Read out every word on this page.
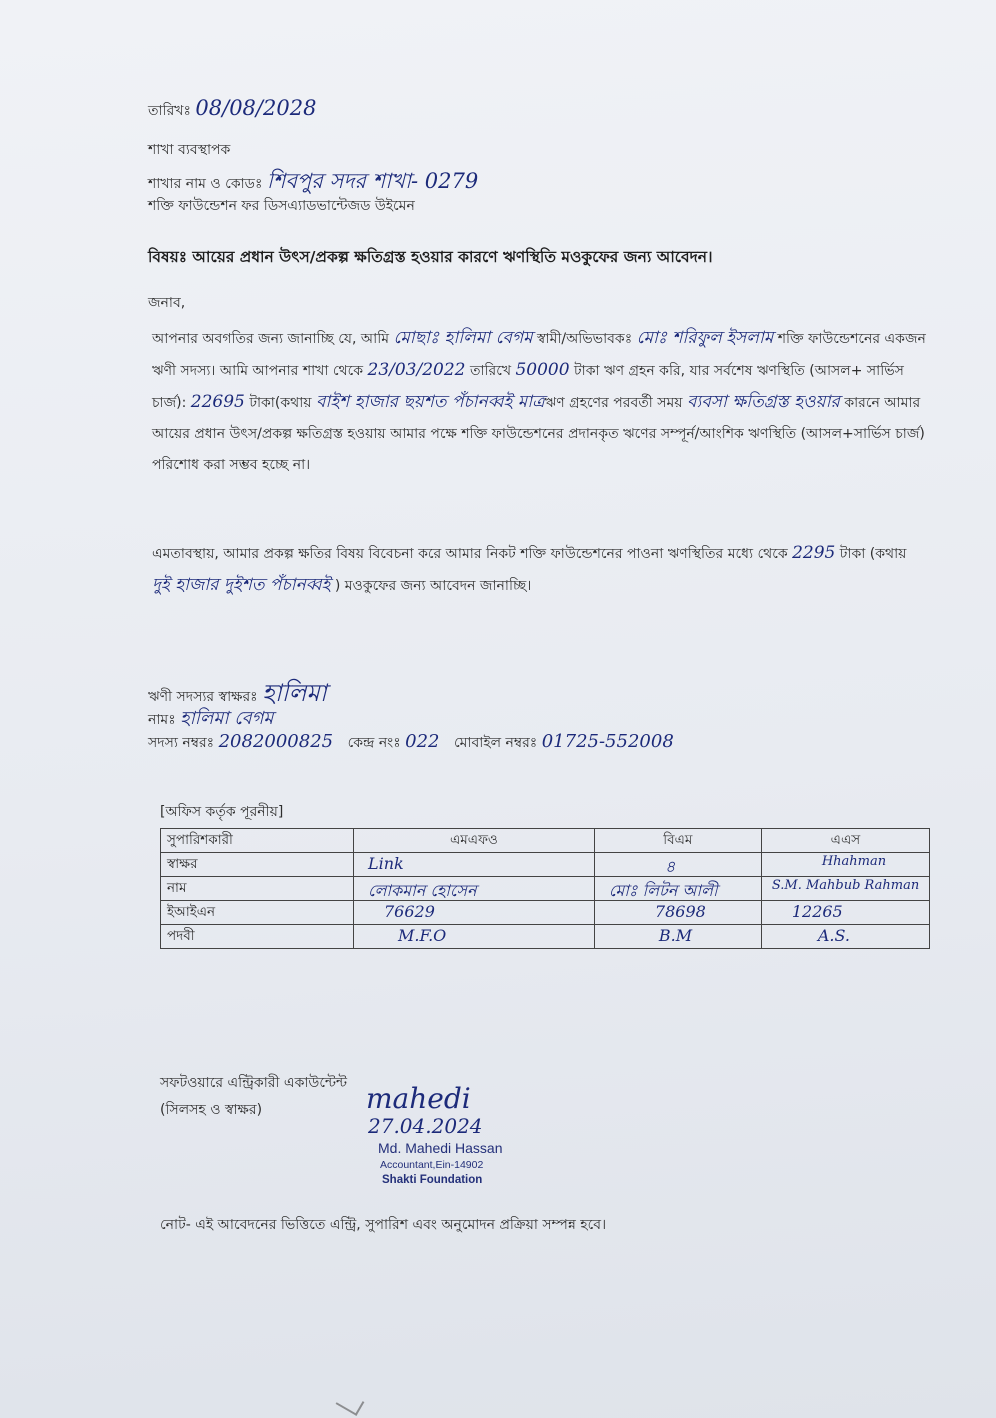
তারিখঃ 08/08/2028
শাখা ব্যবস্থাপক
শাখার নাম ও কোডঃ শিবপুর সদর শাখা- 0279
শক্তি ফাউন্ডেশন ফর ডিসএ্যাডভান্টেজড উইমেন
বিষয়ঃ আয়ের প্রধান উৎস/প্রকল্প ক্ষতিগ্রস্ত হওয়ার কারণে ঋণস্থিতি মওকুফের জন্য আবেদন।
জনাব,
আপনার অবগতির জন্য জানাচ্ছি যে, আমি মোছাঃ হালিমা বেগম স্বামী/অভিভাবকঃ মোঃ শরিফুল ইসলাম শক্তি ফাউন্ডেশনের একজন ঋণী সদস্য। আমি আপনার শাখা থেকে 23/03/2022 তারিখে 50000 টাকা ঋণ গ্রহন করি, যার সর্বশেষ ঋণস্থিতি (আসল+ সার্ভিস চার্জ): 22695 টাকা(কথায় বাইশ হাজার ছয়শত পঁচানব্বই মাত্রঋণ গ্রহণের পরবর্তী সময় ব্যবসা ক্ষতিগ্রস্ত হওয়ার কারনে আমার আয়ের প্রধান উৎস/প্রকল্প ক্ষতিগ্রস্ত হওয়ায় আমার পক্ষে শক্তি ফাউন্ডেশনের প্রদানকৃত ঋণের সম্পূর্ন/আংশিক ঋণস্থিতি (আসল+সার্ভিস চার্জ) পরিশোধ করা সম্ভব হচ্ছে না।
এমতাবস্থায়, আমার প্রকল্প ক্ষতির বিষয় বিবেচনা করে আমার নিকট শক্তি ফাউন্ডেশনের পাওনা ঋণস্থিতির মধ্যে থেকে 2295 টাকা (কথায় দুই হাজার দুইশত পঁচানব্বই ) মওকুফের জন্য আবেদন জানাচ্ছি।
ঋণী সদস্যর স্বাক্ষরঃ হালিমা
নামঃ হালিমা বেগম
সদস্য নম্বরঃ 2082000825 কেন্দ্র নংঃ 022 মোবাইল নম্বরঃ 01725-552008
[অফিস কর্তৃক পূরনীয়]
সুপারিশকারী	এমএফও	বিএম	এএস
স্বাক্ষর	Link	৪	Hhahman

নাম	লোকমান হোসেন	মোঃ লিটন আলী	S.M. Mahbub Rahman

ইআইএন	76629	78698	12265

পদবী	M.F.O	B.M	A.S.
সফটওয়ারে এন্ট্রিকারী একাউন্টেন্ট
(সিলসহ ও স্বাক্ষর)	mahedi
27.04.2024
Md. Mahedi Hassan
Accountant,Ein-14902
Shakti Foundation
নোট- এই আবেদনের ভিত্তিতে এন্ট্রি, সুপারিশ এবং অনুমোদন প্রক্রিয়া সম্পন্ন হবে।
